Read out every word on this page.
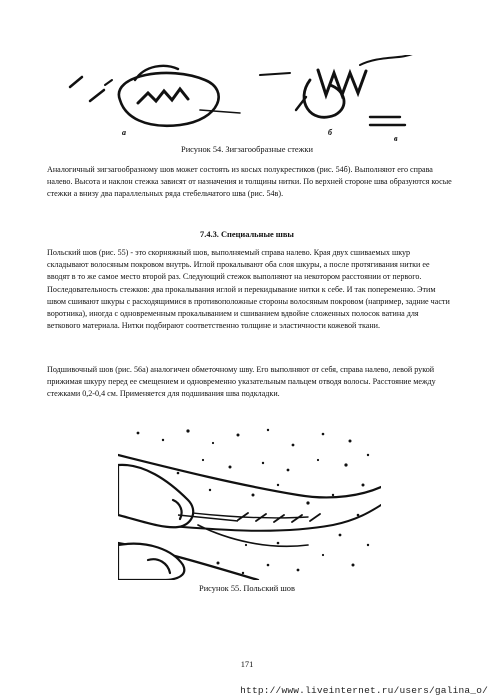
а	б
в
Рисунок 54. Зигзагообразные стежки

Аналогичный зигзагообразному шов может состоять из косых полукрестиков (рис. 54б). Выполняют его справа налево. Высота и наклон стежка зависят от назначения и толщины нитки. По верхней стороне шва образуются косые стежки а внизу два параллельных ряда стебельчатого шва (рис. 54в).

7.4.3. Специальные швы

Польский шов (рис. 55) - это скорняжный шов, выполняемый справа налево. Края двух сшиваемых шкур складывают волосяным покровом внутрь. Иглой прокалывают оба слоя шкуры, а после протягивания нитки ее вводят в то же самое место второй раз. Следующий стежок выполняют на некотором расстоянии от первого. Последовательность стежков: два прокалывания иглой и перекидывание нитки к себе. И так попеременно. Этим швом сшивают шкуры с расходящимися в противоположные стороны волосяным покровом (например, задние части воротника), иногда с одновременным прокалыванием и сшиванием вдвойне сложенных полосок ватина для веткового материала. Нитки подбирают соответственно толщине и эластичности кожевой ткани.

Подшивочный шов (рис. 56а) аналогичен обметочному шву. Его выполняют от себя, справа налево, левой рукой прижимая шкуру перед ее смещением и одновременно указательным пальцем отводя волосы. Расстояние между стежками 0,2-0,4 см. Применяется для подшивания шва подкладки.

Рисунок 55. Польский шов
171
http://www.liveinternet.ru/users/galina_o/
